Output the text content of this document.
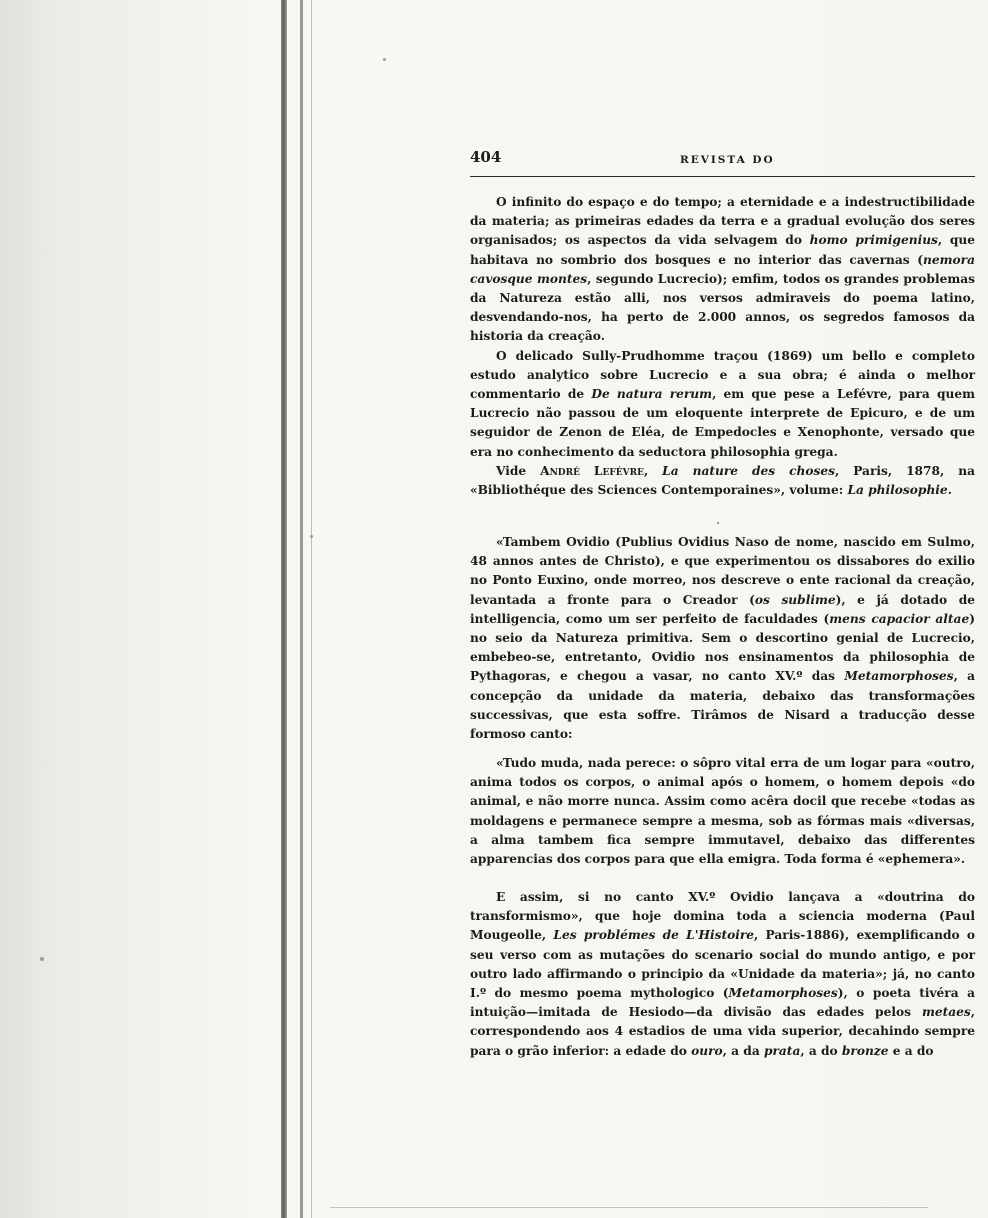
404	REVISTA DO

O infinito do espaço e do tempo; a eternidade e a indestructibilidade da materia; as primeiras edades da terra e a gradual evolução dos seres organisados; os aspectos da vida selvagem do homo primigenius, que habitava no sombrio dos bosques e no interior das cavernas (nemora cavosque montes, segundo Lucrecio); emfim, todos os grandes problemas da Natureza estão alli, nos versos admiraveis do poema latino, desvendando-nos, ha perto de 2.000 annos, os segredos famosos da historia da creação.

O delicado Sully-Prudhomme traçou (1869) um bello e completo estudo analytico sobre Lucrecio e a sua obra; é ainda o melhor commentario de De natura rerum, em que pese a Lefévre, para quem Lucrecio não passou de um eloquente interprete de Epicuro, e de um seguidor de Zenon de Eléa, de Empedocles e Xenophonte, versado que era no conhecimento da seductora philosophia grega.

Vide André Lefévre, La nature des choses, Paris, 1878, na «Bibliothéque des Sciences Contemporaines», volume: La philosophie.

«Tambem Ovidio (Publius Ovidius Naso de nome, nascido em Sulmo, 48 annos antes de Christo), e que experimentou os dissabores do exilio no Ponto Euxino, onde morreo, nos descreve o ente racional da creação, levantada a fronte para o Creador (os sublime), e já dotado de intelligencia, como um ser perfeito de faculdades (mens capacior altae) no seio da Natureza primitiva. Sem o descortino genial de Lucrecio, embebeo-se, entretanto, Ovidio nos ensinamentos da philosophia de Pythagoras, e chegou a vasar, no canto XV.º das Metamorphoses, a concepção da unidade da materia, debaixo das transformações successivas, que esta soffre. Tirâmos de Nisard a traducção desse formoso canto:

«Tudo muda, nada perece: o sôpro vital erra de um logar para «outro, anima todos os corpos, o animal após o homem, o homem depois «do animal, e não morre nunca. Assim como acêra docil que recebe «todas as moldagens e permanece sempre a mesma, sob as fórmas mais «diversas, a alma tambem fica sempre immutavel, debaixo das differentes apparencias dos corpos para que ella emigra. Toda forma é «ephemera».

E assim, si no canto XV.º Ovidio lançava a «doutrina do transformismo», que hoje domina toda a sciencia moderna (Paul Mougeolle, Les problémes de L'Histoire, Paris-1886), exemplificando o seu verso com as mutações do scenario social do mundo antigo, e por outro lado affirmando o principio da «Unidade da materia»; já, no canto I.º do mesmo poema mythologico (Metamorphoses), o poeta tivéra a intuição—imitada de Hesiodo—da divisão das edades pelos metaes, correspondendo aos 4 estadios de uma vida superior, decahindo sempre para o grão inferior: a edade do ouro, a da prata, a do bronze e a do
